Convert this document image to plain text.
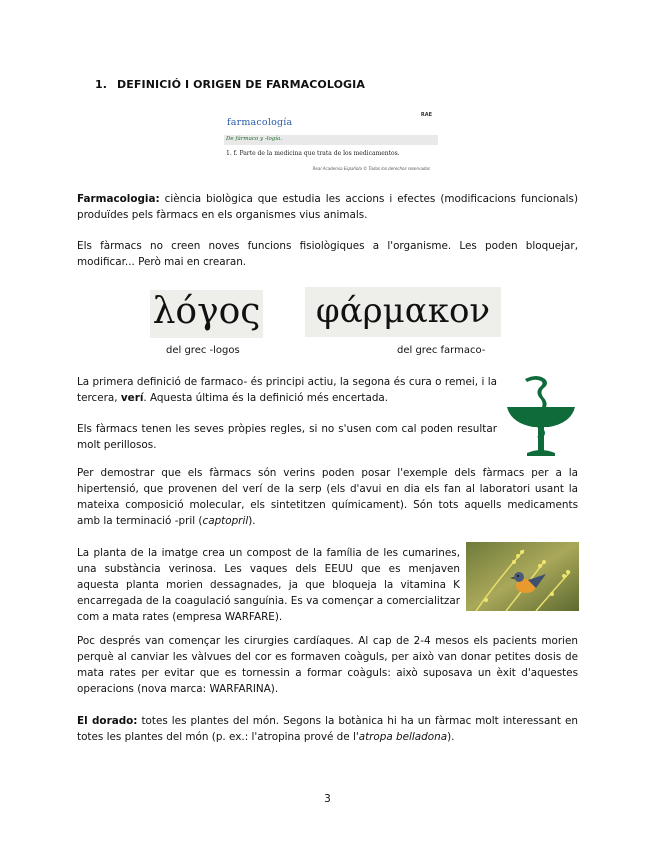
1. DEFINICIÓ I ORIGEN DE FARMACOLOGIA
RAE
farmacología
De fármaco y -logía.
1. f. Parte de la medicina que trata de los medicamentos.
Real Academia Española © Todos los derechos reservados
Farmacologia: ciència biològica que estudia les accions i efectes (modificacions funcionals) produïdes pels fàrmacs en els organismes vius animals.
Els fàrmacs no creen noves funcions fisiològiques a l'organisme. Les poden bloquejar, modificar... Però mai en crearan.
λόγος	φάρμακον
del grec -logos	del grec farmaco-
La primera definició de farmaco- és principi actiu, la segona és cura o remei, i la tercera, verí. Aquesta última és la definició més encertada.
Els fàrmacs tenen les seves pròpies regles, si no s'usen com cal poden resultar molt perillosos.
Per demostrar que els fàrmacs són verins poden posar l'exemple dels fàrmacs per a la hipertensió, que provenen del verí de la serp (els d'avui en dia els fan al laboratori usant la mateixa composició molecular, els sintetitzen químicament). Són tots aquells medicaments amb la terminació -pril (captopril).
La planta de la imatge crea un compost de la família de les cumarines, una substància verinosa. Les vaques dels EEUU que es menjaven aquesta planta morien dessagnades, ja que bloqueja la vitamina K encarregada de la coagulació sanguínia. Es va començar a comercialitzar com a mata rates (empresa WARFARE).
Poc després van començar les cirurgies cardíaques. Al cap de 2-4 mesos els pacients morien perquè al canviar les vàlvues del cor es formaven coàguls, per això van donar petites dosis de mata rates per evitar que es tornessin a formar coàguls: això suposava un èxit d'aquestes operacions (nova marca: WARFARINA).
El dorado: totes les plantes del món. Segons la botànica hi ha un fàrmac molt interessant en totes les plantes del món (p. ex.: l'atropina prové de l'atropa belladona).
3
